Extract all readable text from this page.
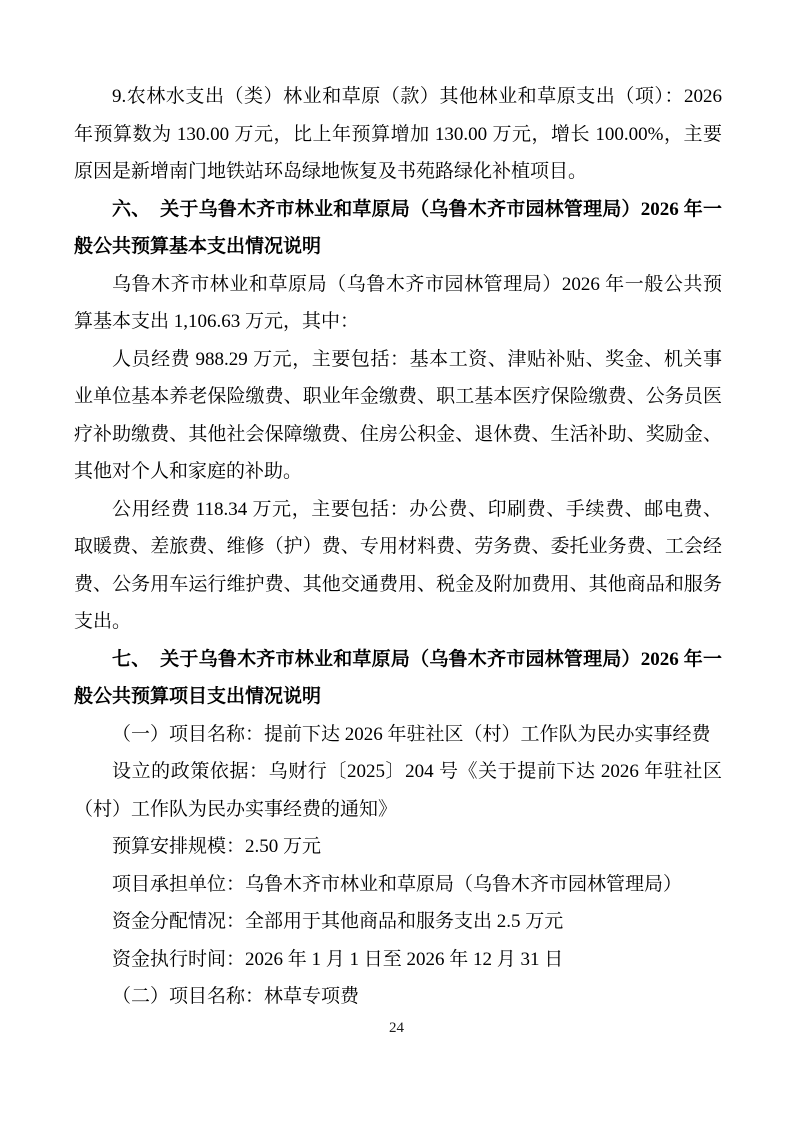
9.农林水支出（类）林业和草原（款）其他林业和草原支出（项）：2026 年预算数为 130.00 万元，比上年预算增加 130.00 万元，增长 100.00%，主要原因是新增南门地铁站环岛绿地恢复及书苑路绿化补植项目。

六、　关于乌鲁木齐市林业和草原局（乌鲁木齐市园林管理局）2026 年一般公共预算基本支出情况说明

乌鲁木齐市林业和草原局（乌鲁木齐市园林管理局）2026 年一般公共预算基本支出 1,106.63 万元，其中：

人员经费 988.29 万元，主要包括：基本工资、津贴补贴、奖金、机关事业单位基本养老保险缴费、职业年金缴费、职工基本医疗保险缴费、公务员医疗补助缴费、其他社会保障缴费、住房公积金、退休费、生活补助、奖励金、其他对个人和家庭的补助。

公用经费 118.34 万元，主要包括：办公费、印刷费、手续费、邮电费、取暖费、差旅费、维修（护）费、专用材料费、劳务费、委托业务费、工会经费、公务用车运行维护费、其他交通费用、税金及附加费用、其他商品和服务支出。

七、　关于乌鲁木齐市林业和草原局（乌鲁木齐市园林管理局）2026 年一般公共预算项目支出情况说明

（一）项目名称：提前下达 2026 年驻社区（村）工作队为民办实事经费

设立的政策依据：乌财行〔2025〕204 号《关于提前下达 2026 年驻社区（村）工作队为民办实事经费的通知》

预算安排规模：2.50 万元

项目承担单位：乌鲁木齐市林业和草原局（乌鲁木齐市园林管理局）

资金分配情况：全部用于其他商品和服务支出 2.5 万元

资金执行时间：2026 年 1 月 1 日至 2026 年 12 月 31 日

（二）项目名称：林草专项费

24
